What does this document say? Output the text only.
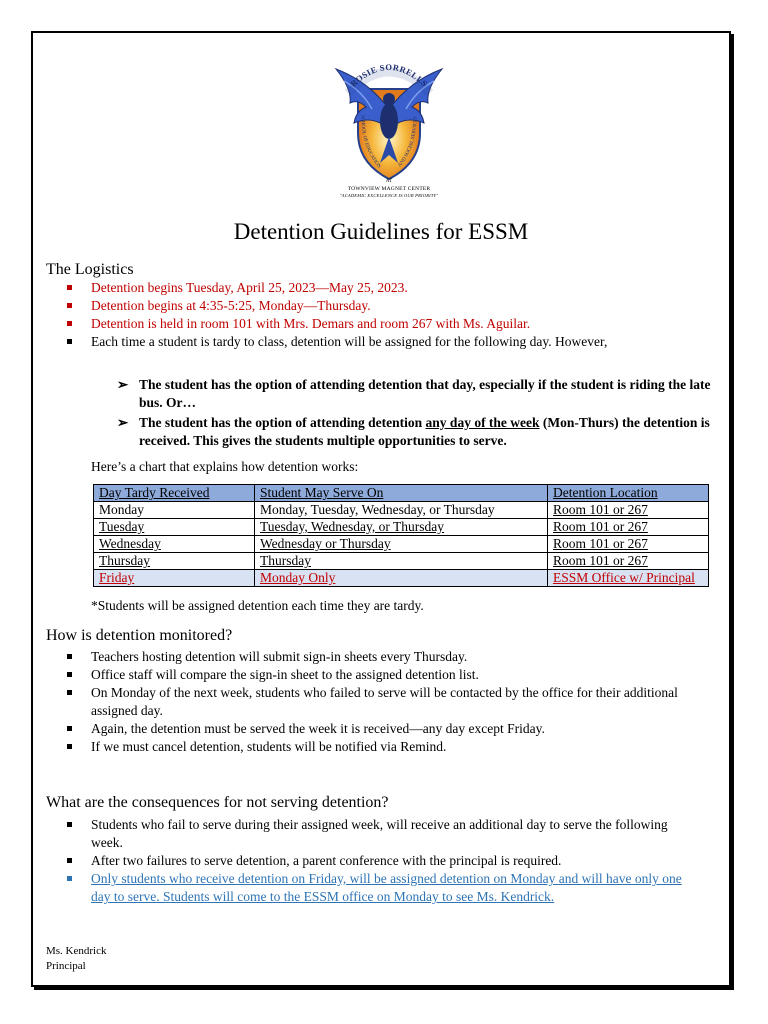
ROSIE SORRELLS
SCHOOL OF EDUCATION	AND SOCIAL SERVICES
AT
TOWNVIEW MAGNET CENTER
"ACADEMIC EXCELLENCE IS OUR PRIORITY"
Detention Guidelines for ESSM
The Logistics
Detention begins Tuesday, April 25, 2023—May 25, 2023.
Detention begins at 4:35-5:25, Monday—Thursday.
Detention is held in room 101 with Mrs. Demars and room 267 with Ms. Aguilar.
Each time a student is tardy to class, detention will be assigned for the following day. However,
➢ The student has the option of attending detention that day, especially if the student is riding the late bus. Or…
➢ The student has the option of attending detention any day of the week (Mon-Thurs) the detention is received. This gives the students multiple opportunities to serve.
Here’s a chart that explains how detention works:
Day Tardy Received	Student May Serve On	Detention Location
Monday	Monday, Tuesday, Wednesday, or Thursday	Room 101 or 267
Tuesday	Tuesday, Wednesday, or Thursday	Room 101 or 267
Wednesday	Wednesday or Thursday	Room 101 or 267
Thursday	Thursday	Room 101 or 267
Friday	Monday Only	ESSM Office w/ Principal
*Students will be assigned detention each time they are tardy.
How is detention monitored?
Teachers hosting detention will submit sign-in sheets every Thursday.
Office staff will compare the sign-in sheet to the assigned detention list.
On Monday of the next week, students who failed to serve will be contacted by the office for their additional assigned day.
Again, the detention must be served the week it is received—any day except Friday.
If we must cancel detention, students will be notified via Remind.
What are the consequences for not serving detention?
Students who fail to serve during their assigned week, will receive an additional day to serve the following week.
After two failures to serve detention, a parent conference with the principal is required.
Only students who receive detention on Friday, will be assigned detention on Monday and will have only one day to serve. Students will come to the ESSM office on Monday to see Ms. Kendrick.
Ms. Kendrick
Principal
